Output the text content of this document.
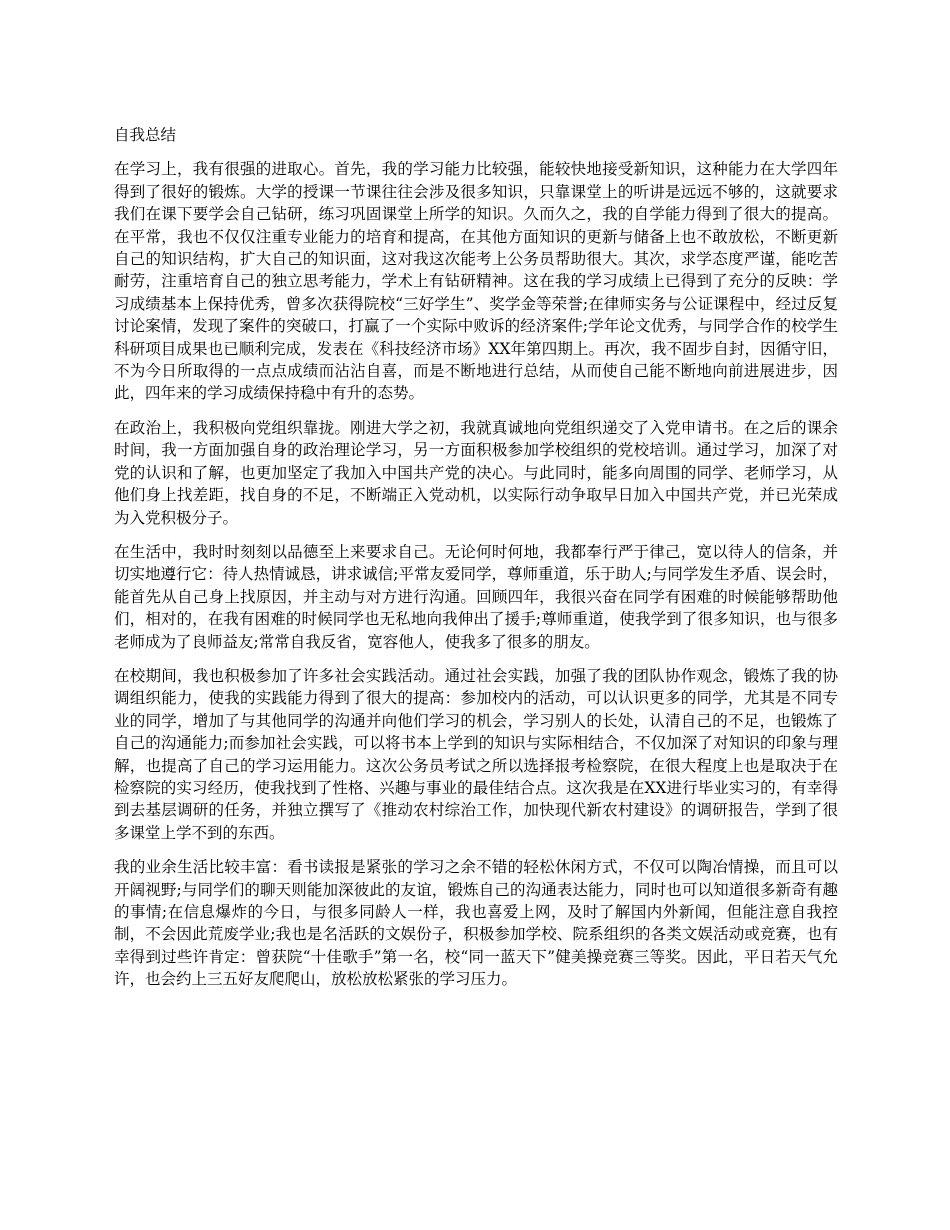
自我总结

在学习上，我有很强的进取心。首先，我的学习能力比较强，能较快地接受新知识，这种能力在大学四年得到了很好的锻炼。大学的授课一节课往往会涉及很多知识，只靠课堂上的听讲是远远不够的，这就要求我们在课下要学会自己钻研，练习巩固课堂上所学的知识。久而久之，我的自学能力得到了很大的提高。在平常，我也不仅仅注重专业能力的培育和提高，在其他方面知识的更新与储备上也不敢放松，不断更新自己的知识结构，扩大自己的知识面，这对我这次能考上公务员帮助很大。其次，求学态度严谨，能吃苦耐劳，注重培育自己的独立思考能力，学术上有钻研精神。这在我的学习成绩上已得到了充分的反映：学习成绩基本上保持优秀，曾多次获得院校“三好学生”、奖学金等荣誉;在律师实务与公证课程中，经过反复讨论案情，发现了案件的突破口，打赢了一个实际中败诉的经济案件;学年论文优秀，与同学合作的校学生科研项目成果也已顺利完成，发表在《科技经济市场》XX年第四期上。再次，我不固步自封，因循守旧，不为今日所取得的一点点成绩而沾沾自喜，而是不断地进行总结，从而使自己能不断地向前进展进步，因此，四年来的学习成绩保持稳中有升的态势。

在政治上，我积极向党组织靠拢。刚进大学之初，我就真诚地向党组织递交了入党申请书。在之后的课余时间，我一方面加强自身的政治理论学习，另一方面积极参加学校组织的党校培训。通过学习，加深了对党的认识和了解，也更加坚定了我加入中国共产党的决心。与此同时，能多向周围的同学、老师学习，从他们身上找差距，找自身的不足，不断端正入党动机，以实际行动争取早日加入中国共产党，并已光荣成为入党积极分子。

在生活中，我时时刻刻以品德至上来要求自己。无论何时何地，我都奉行严于律己，宽以待人的信条，并切实地遵行它：待人热情诚恳，讲求诚信;平常友爱同学，尊师重道，乐于助人;与同学发生矛盾、误会时，能首先从自己身上找原因，并主动与对方进行沟通。回顾四年，我很兴奋在同学有困难的时候能够帮助他们，相对的，在我有困难的时候同学也无私地向我伸出了援手;尊师重道，使我学到了很多知识，也与很多老师成为了良师益友;常常自我反省，宽容他人，使我多了很多的朋友。

在校期间，我也积极参加了许多社会实践活动。通过社会实践，加强了我的团队协作观念，锻炼了我的协调组织能力，使我的实践能力得到了很大的提高：参加校内的活动，可以认识更多的同学，尤其是不同专业的同学，增加了与其他同学的沟通并向他们学习的机会，学习别人的长处，认清自己的不足，也锻炼了自己的沟通能力;而参加社会实践，可以将书本上学到的知识与实际相结合，不仅加深了对知识的印象与理解，也提高了自己的学习运用能力。这次公务员考试之所以选择报考检察院，在很大程度上也是取决于在检察院的实习经历，使我找到了性格、兴趣与事业的最佳结合点。这次我是在XX进行毕业实习的，有幸得到去基层调研的任务，并独立撰写了《推动农村综治工作，加快现代新农村建设》的调研报告，学到了很多课堂上学不到的东西。

我的业余生活比较丰富：看书读报是紧张的学习之余不错的轻松休闲方式，不仅可以陶冶情操，而且可以开阔视野;与同学们的聊天则能加深彼此的友谊，锻炼自己的沟通表达能力，同时也可以知道很多新奇有趣的事情;在信息爆炸的今日，与很多同龄人一样，我也喜爱上网，及时了解国内外新闻，但能注意自我控制，不会因此荒废学业;我也是名活跃的文娱份子，积极参加学校、院系组织的各类文娱活动或竞赛，也有幸得到过些许肯定：曾获院“十佳歌手”第一名，校“同一蓝天下”健美操竞赛三等奖。因此，平日若天气允许，也会约上三五好友爬爬山，放松放松紧张的学习压力。
